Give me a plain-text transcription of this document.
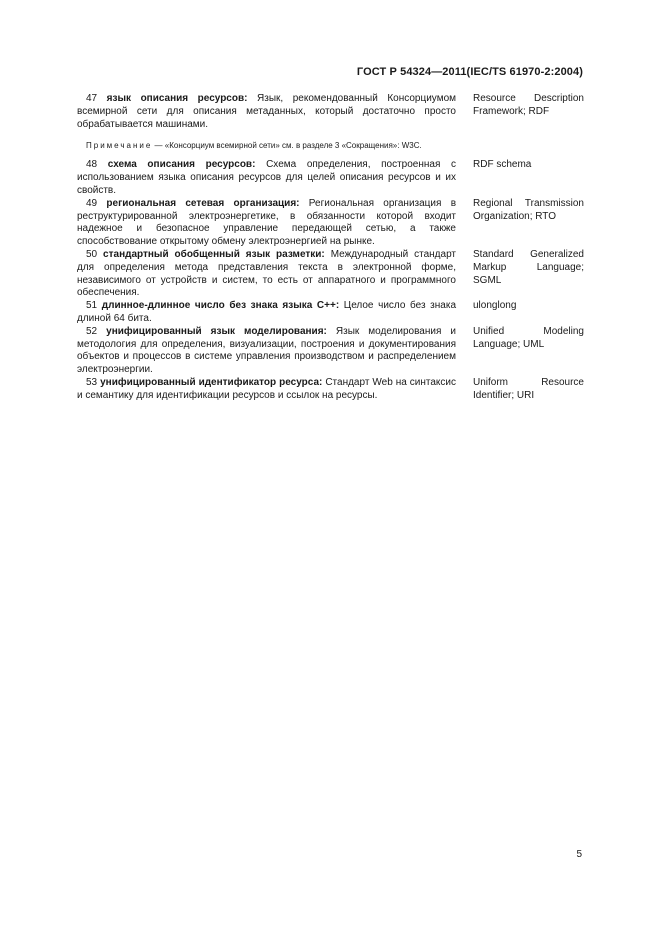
ГОСТ Р 54324—2011(IEC/TS 61970-2:2004)
47 язык описания ресурсов: Язык, рекомендованный Консорциумом всемирной сети для описания метаданных, который достаточно просто обрабатывается машинами.
Resource Description Framework; RDF
Примечание — «Консорциум всемирной сети» см. в разделе 3 «Сокращения»: W3C.
48 схема описания ресурсов: Схема определения, построенная с использованием языка описания ресурсов для целей описания ресурсов и их свойств.
RDF schema
49 региональная сетевая организация: Региональная организация в реструктурированной электроэнергетике, в обязанности которой входит надежное и безопасное управление передающей сетью, а также способствование открытому обмену электроэнергией на рынке.
Regional Transmission Organization; RTO
50 стандартный обобщенный язык разметки: Международный стандарт для определения метода представления текста в электронной форме, независимого от устройств и систем, то есть от аппаратного и программного обеспечения.
Standard Generalized Markup Language; SGML
51 длинное-длинное число без знака языка С++: Целое число без знака длиной 64 бита.
ulonglong
52 унифицированный язык моделирования: Язык моделирования и методология для определения, визуализации, построения и документирования объектов и процессов в системе управления производством и распределением электроэнергии.
Unified Modeling Language; UML
53 унифицированный идентификатор ресурса: Стандарт Web на синтаксис и семантику для идентификации ресурсов и ссылок на ресурсы.
Uniform Resource Identifier; URI
5
